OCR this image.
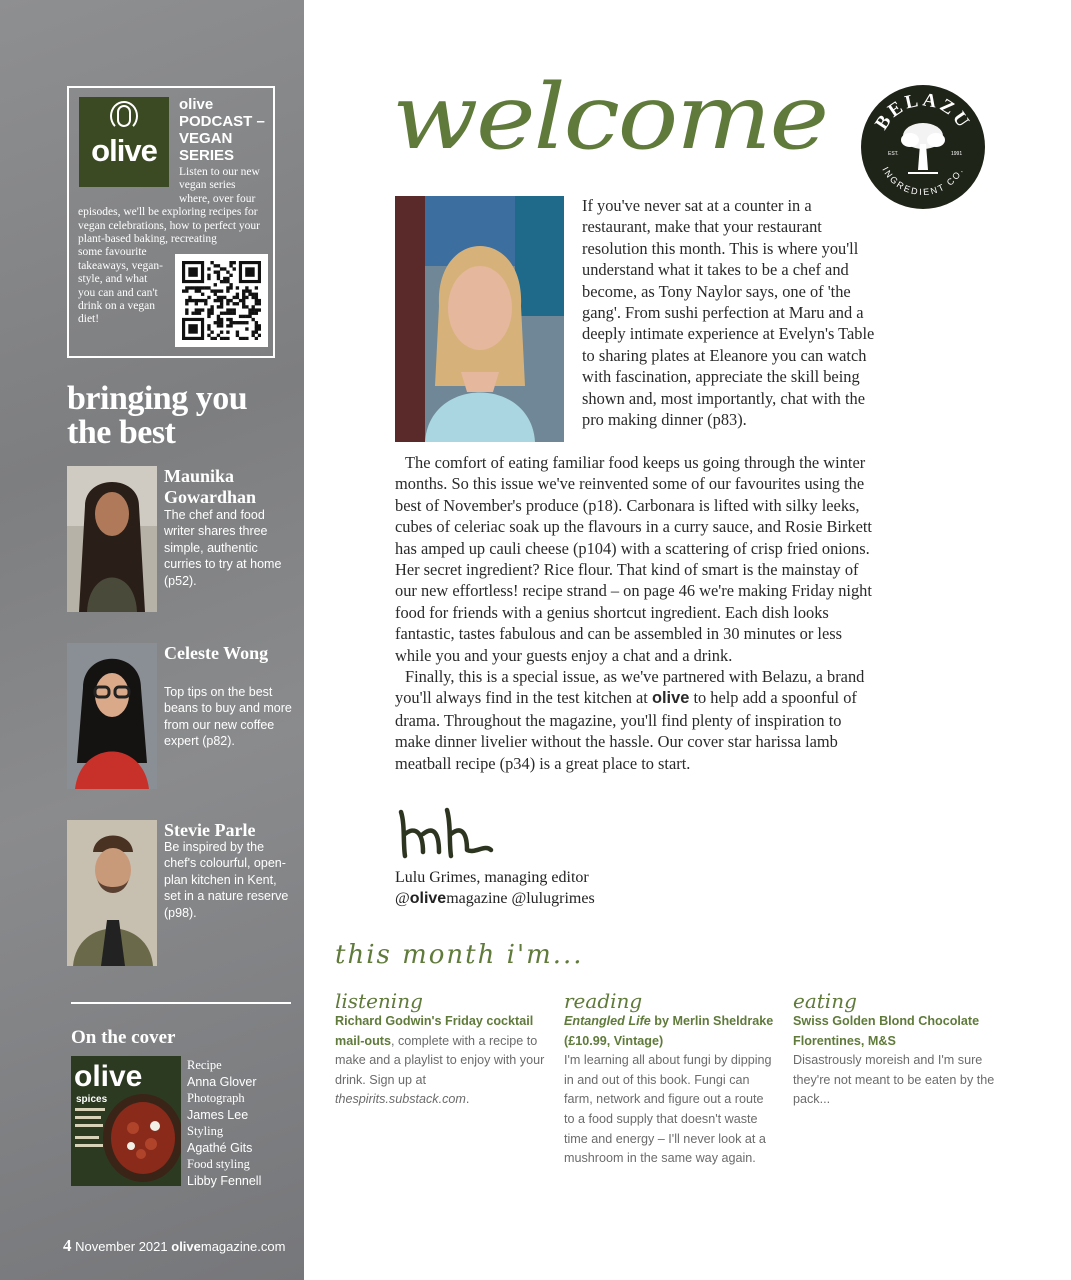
olive
olive
PODCAST – VEGAN SERIES
Listen to our new vegan series where, over four
episodes, we'll be exploring recipes for vegan celebrations, how to perfect your plant-based baking, recreating
some favourite takeaways, vegan-style, and what you can and can't drink on a vegan diet!
bringing you the best
Maunika Gowardhan
The chef and food writer shares three simple, authentic curries to try at home (p52).
Celeste Wong
Top tips on the best beans to buy and more from our new coffee expert (p82).
Stevie Parle
Be inspired by the chef's colourful, open-plan kitchen in Kent, set in a nature reserve (p98).
On the cover
olive
spices
Recipe
Anna Glover
Photograph
James Lee
Styling
Agathé Gits
Food styling
Libby Fennell
4 November 2021 olivemagazine.com
welcome BELAZU
INGREDIENT CO.
EST.	1991

If you've never sat at a counter in a restaurant, make that your restaurant resolution this month. This is where you'll understand what it takes to be a chef and become, as Tony Naylor says, one of 'the gang'. From sushi perfection at Maru and a deeply intimate experience at Evelyn's Table to sharing plates at Eleanore you can watch with fascination, appreciate the skill being shown and, most importantly, chat with the pro making dinner (p83).

The comfort of eating familiar food keeps us going through the winter months. So this issue we've reinvented some of our favourites using the best of November's produce (p18). Carbonara is lifted with silky leeks, cubes of celeriac soak up the flavours in a curry sauce, and Rosie Birkett has amped up cauli cheese (p104) with a scattering of crisp fried onions. Her secret ingredient? Rice flour. That kind of smart is the mainstay of our new effortless! recipe strand – on page 46 we're making Friday night food for friends with a genius shortcut ingredient. Each dish looks fantastic, tastes fabulous and can be assembled in 30 minutes or less while you and your guests enjoy a chat and a drink.

Finally, this is a special issue, as we've partnered with Belazu, a brand you'll always find in the test kitchen at olive to help add a spoonful of drama. Throughout the magazine, you'll find plenty of inspiration to make dinner livelier without the hassle. Our cover star harissa lamb meatball recipe (p34) is a great place to start.

Lulu Grimes, managing editor
@olivemagazine @lulugrimes
this month i'm...
listening
Richard Godwin's Friday cocktail mail-outs, complete with a recipe to make and a playlist to enjoy with your drink. Sign up at thespirits.substack.com.
reading
Entangled Life by Merlin Sheldrake (£10.99, Vintage)
I'm learning all about fungi by dipping in and out of this book. Fungi can farm, network and figure out a route to a food supply that doesn't waste time and energy – I'll never look at a mushroom in the same way again.
eating
Swiss Golden Blond Chocolate Florentines, M&S
Disastrously moreish and I'm sure they're not meant to be eaten by the pack...
